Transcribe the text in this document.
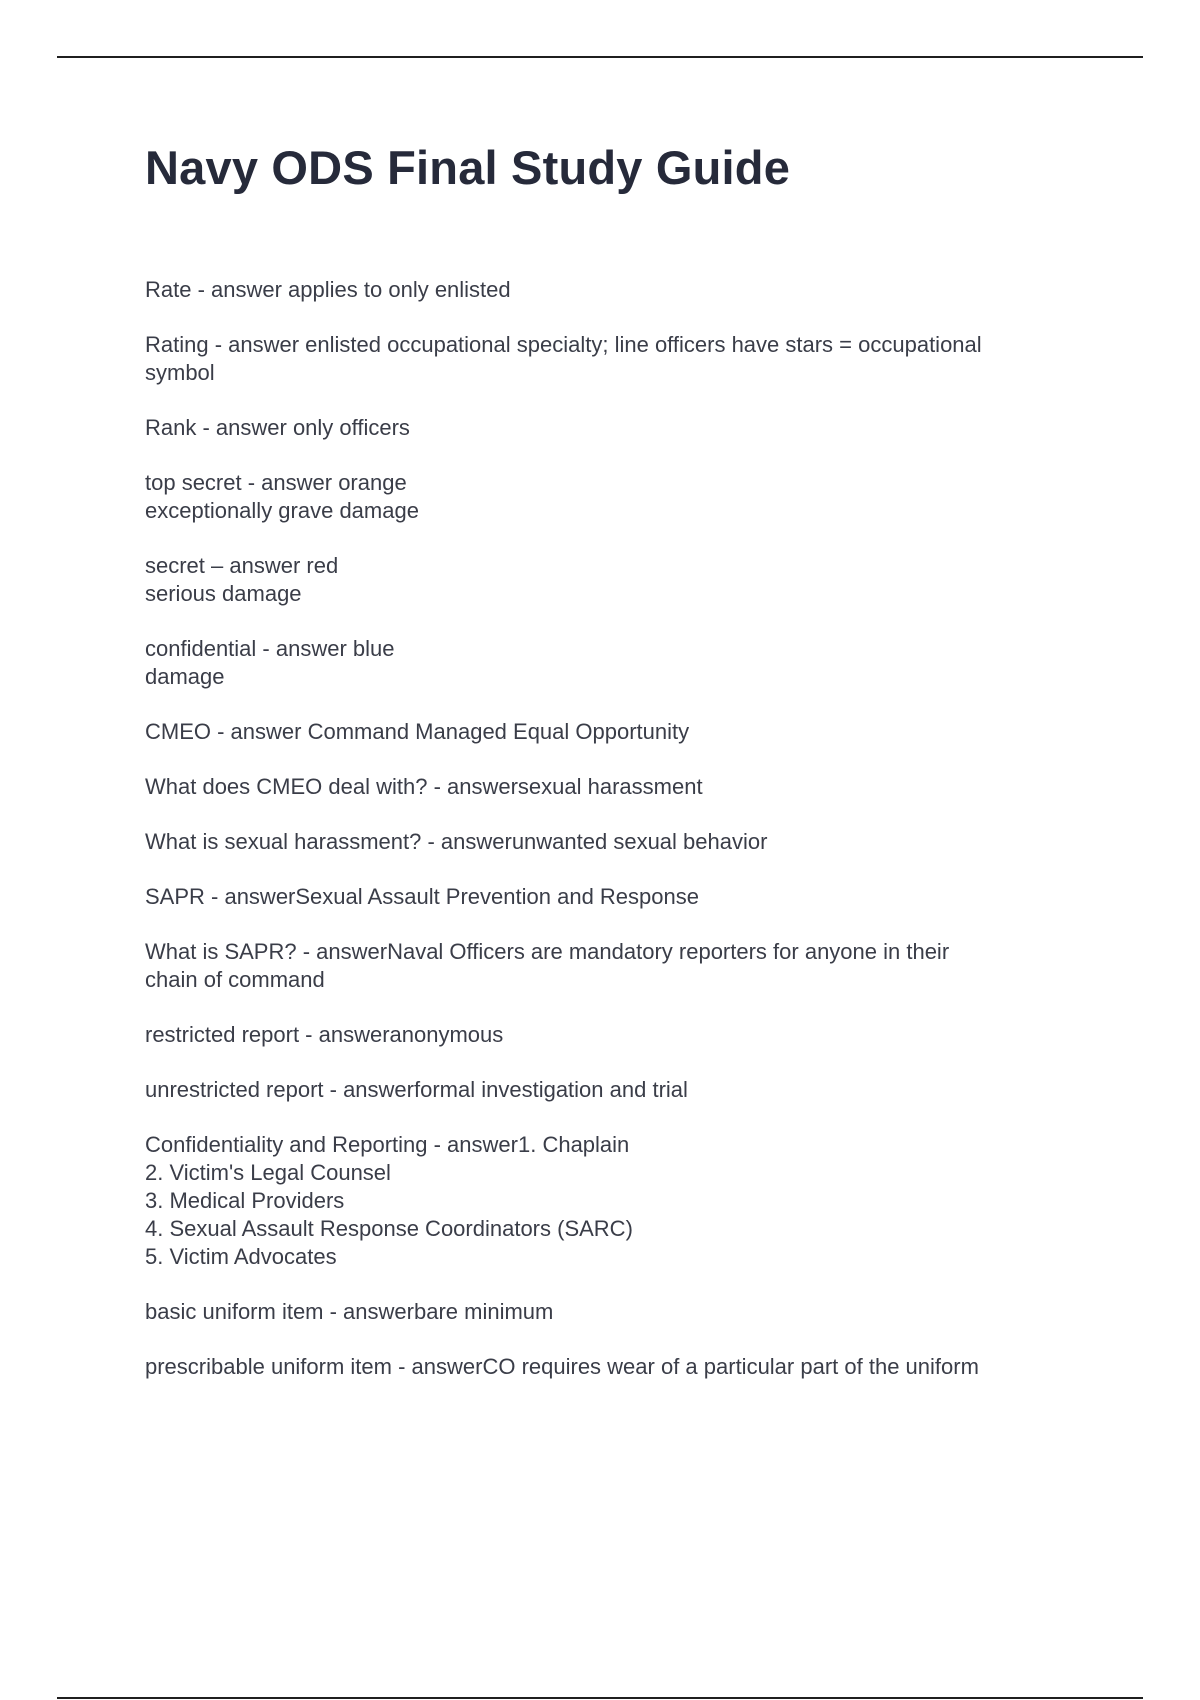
Navy ODS Final Study Guide
Rate - answer applies to only enlisted
Rating - answer enlisted occupational specialty; line officers have stars = occupational
symbol
Rank - answer only officers
top secret - answer orange
exceptionally grave damage
secret – answer red
serious damage
confidential - answer blue
damage
CMEO - answer Command Managed Equal Opportunity
What does CMEO deal with? - answersexual harassment
What is sexual harassment? - answerunwanted sexual behavior
SAPR - answerSexual Assault Prevention and Response
What is SAPR? - answerNaval Officers are mandatory reporters for anyone in their
chain of command
restricted report - answeranonymous
unrestricted report - answerformal investigation and trial
Confidentiality and Reporting - answer1. Chaplain
2. Victim's Legal Counsel
3. Medical Providers
4. Sexual Assault Response Coordinators (SARC)
5. Victim Advocates
basic uniform item - answerbare minimum
prescribable uniform item - answerCO requires wear of a particular part of the uniform
